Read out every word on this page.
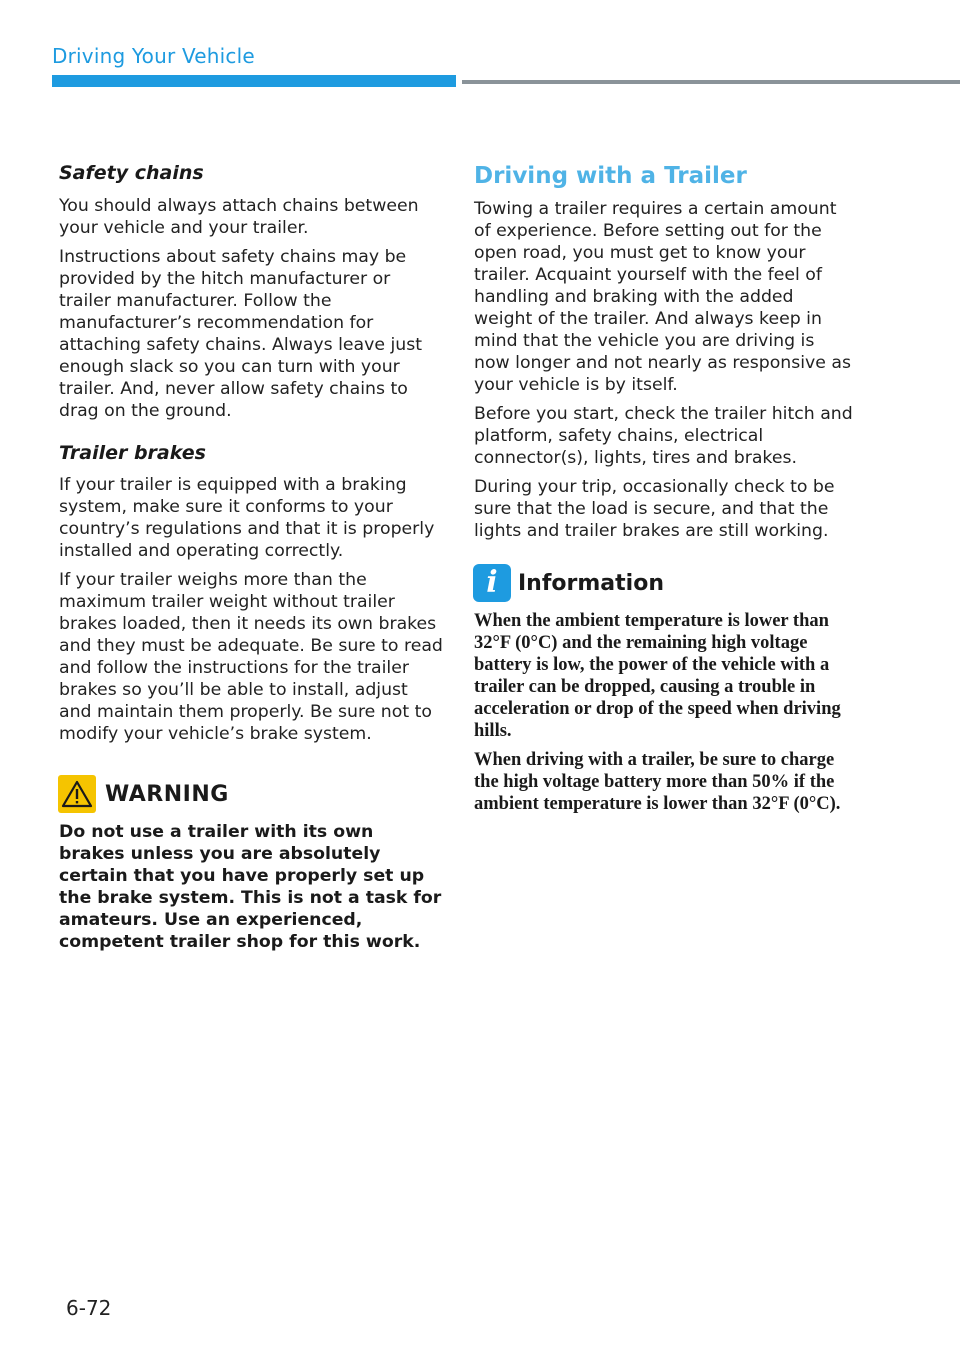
Driving Your Vehicle
Safety chains

You should always attach chains between your vehicle and your trailer.

Instructions about safety chains may be provided by the hitch manufacturer or trailer manufacturer. Follow the manufacturer’s recommendation for attaching safety chains. Always leave just enough slack so you can turn with your trailer. And, never allow safety chains to drag on the ground.

Trailer brakes

If your trailer is equipped with a braking system, make sure it conforms to your country’s regulations and that it is properly installed and operating correctly.

If your trailer weighs more than the maximum trailer weight without trailer brakes loaded, then it needs its own brakes and they must be adequate. Be sure to read and follow the instructions for the trailer brakes so you’ll be able to install, adjust and maintain them properly. Be sure not to modify your vehicle’s brake system.

WARNING

Do not use a trailer with its own brakes unless you are absolutely certain that you have properly set up the brake system. This is not a task for amateurs. Use an experienced, competent trailer shop for this work.

Driving with a Trailer

Towing a trailer requires a certain amount of experience. Before setting out for the open road, you must get to know your trailer. Acquaint yourself with the feel of handling and braking with the added weight of the trailer. And always keep in mind that the vehicle you are driving is now longer and not nearly as responsive as your vehicle is by itself.

Before you start, check the trailer hitch and platform, safety chains, electrical connector(s), lights, tires and brakes.

During your trip, occasionally check to be sure that the load is secure, and that the lights and trailer brakes are still working.

i Information

When the ambient temperature is lower than 32°F (0°C) and the remaining high voltage battery is low, the power of the vehicle with a trailer can be dropped, causing a trouble in acceleration or drop of the speed when driving hills.

When driving with a trailer, be sure to charge the high voltage battery more than 50% if the ambient temperature is lower than 32°F (0°C).

6-72
